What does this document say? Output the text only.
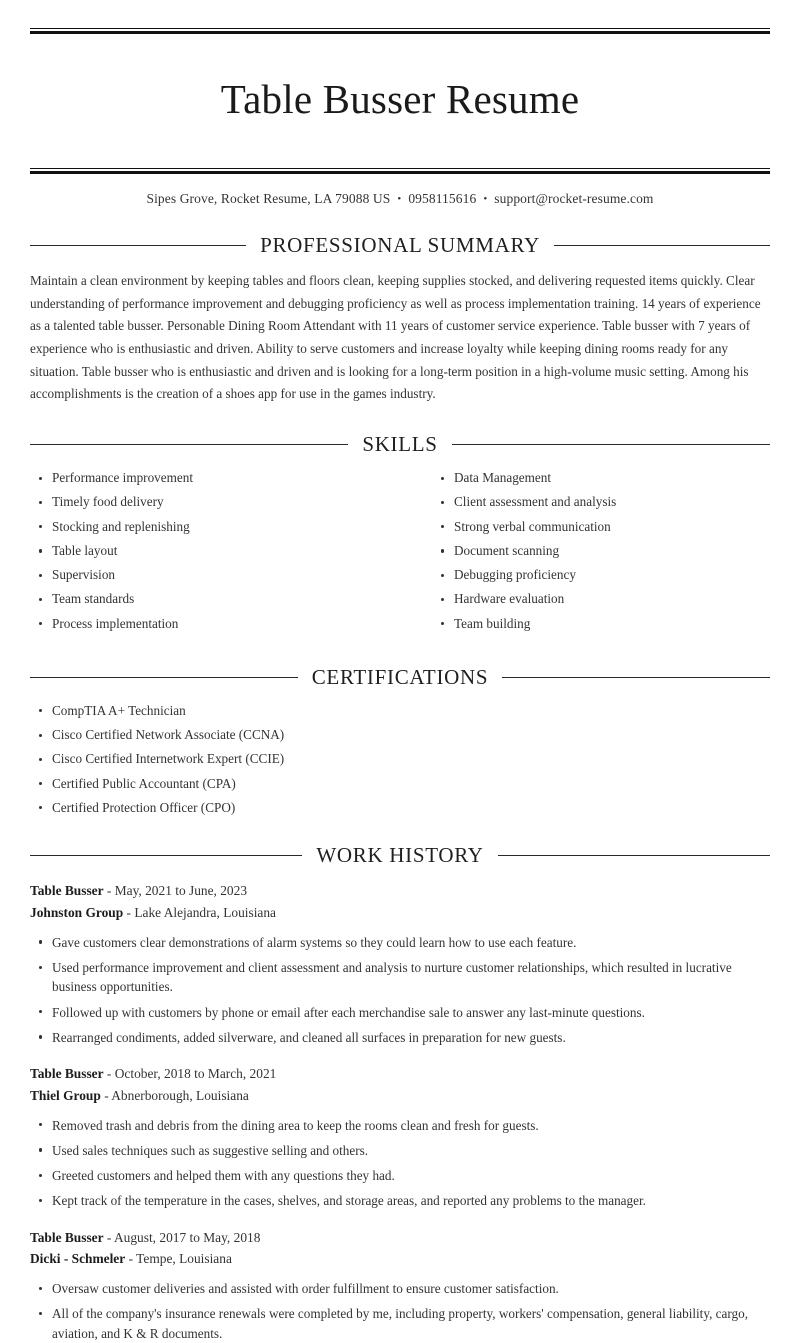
Table Busser Resume
Sipes Grove, Rocket Resume, LA 79088 US • 0958115616 • support@rocket-resume.com
PROFESSIONAL SUMMARY

Maintain a clean environment by keeping tables and floors clean, keeping supplies stocked, and delivering requested items quickly. Clear understanding of performance improvement and debugging proficiency as well as process implementation training. 14 years of experience as a talented table busser. Personable Dining Room Attendant with 11 years of customer service experience. Table busser with 7 years of experience who is enthusiastic and driven. Ability to serve customers and increase loyalty while keeping dining rooms ready for any situation. Table busser who is enthusiastic and driven and is looking for a long-term position in a high-volume music setting. Among his accomplishments is the creation of a shoes app for use in the games industry.

SKILLS
Performance improvement
Timely food delivery
Stocking and replenishing
Table layout
Supervision
Team standards
Process implementation
Data Management
Client assessment and analysis
Strong verbal communication
Document scanning
Debugging proficiency
Hardware evaluation
Team building
CERTIFICATIONS
CompTIA A+ Technician
Cisco Certified Network Associate (CCNA)
Cisco Certified Internetwork Expert (CCIE)
Certified Public Accountant (CPA)
Certified Protection Officer (CPO)
WORK HISTORY
Table Busser - May, 2021 to June, 2023
Johnston Group - Lake Alejandra, Louisiana
Gave customers clear demonstrations of alarm systems so they could learn how to use each feature.
Used performance improvement and client assessment and analysis to nurture customer relationships, which resulted in lucrative business opportunities.
Followed up with customers by phone or email after each merchandise sale to answer any last-minute questions.
Rearranged condiments, added silverware, and cleaned all surfaces in preparation for new guests.
Table Busser - October, 2018 to March, 2021
Thiel Group - Abnerborough, Louisiana
Removed trash and debris from the dining area to keep the rooms clean and fresh for guests.
Used sales techniques such as suggestive selling and others.
Greeted customers and helped them with any questions they had.
Kept track of the temperature in the cases, shelves, and storage areas, and reported any problems to the manager.
Table Busser - August, 2017 to May, 2018
Dicki - Schmeler - Tempe, Louisiana
Oversaw customer deliveries and assisted with order fulfillment to ensure customer satisfaction.
All of the company's insurance renewals were completed by me, including property, workers' compensation, general liability, cargo, aviation, and K & R documents.
